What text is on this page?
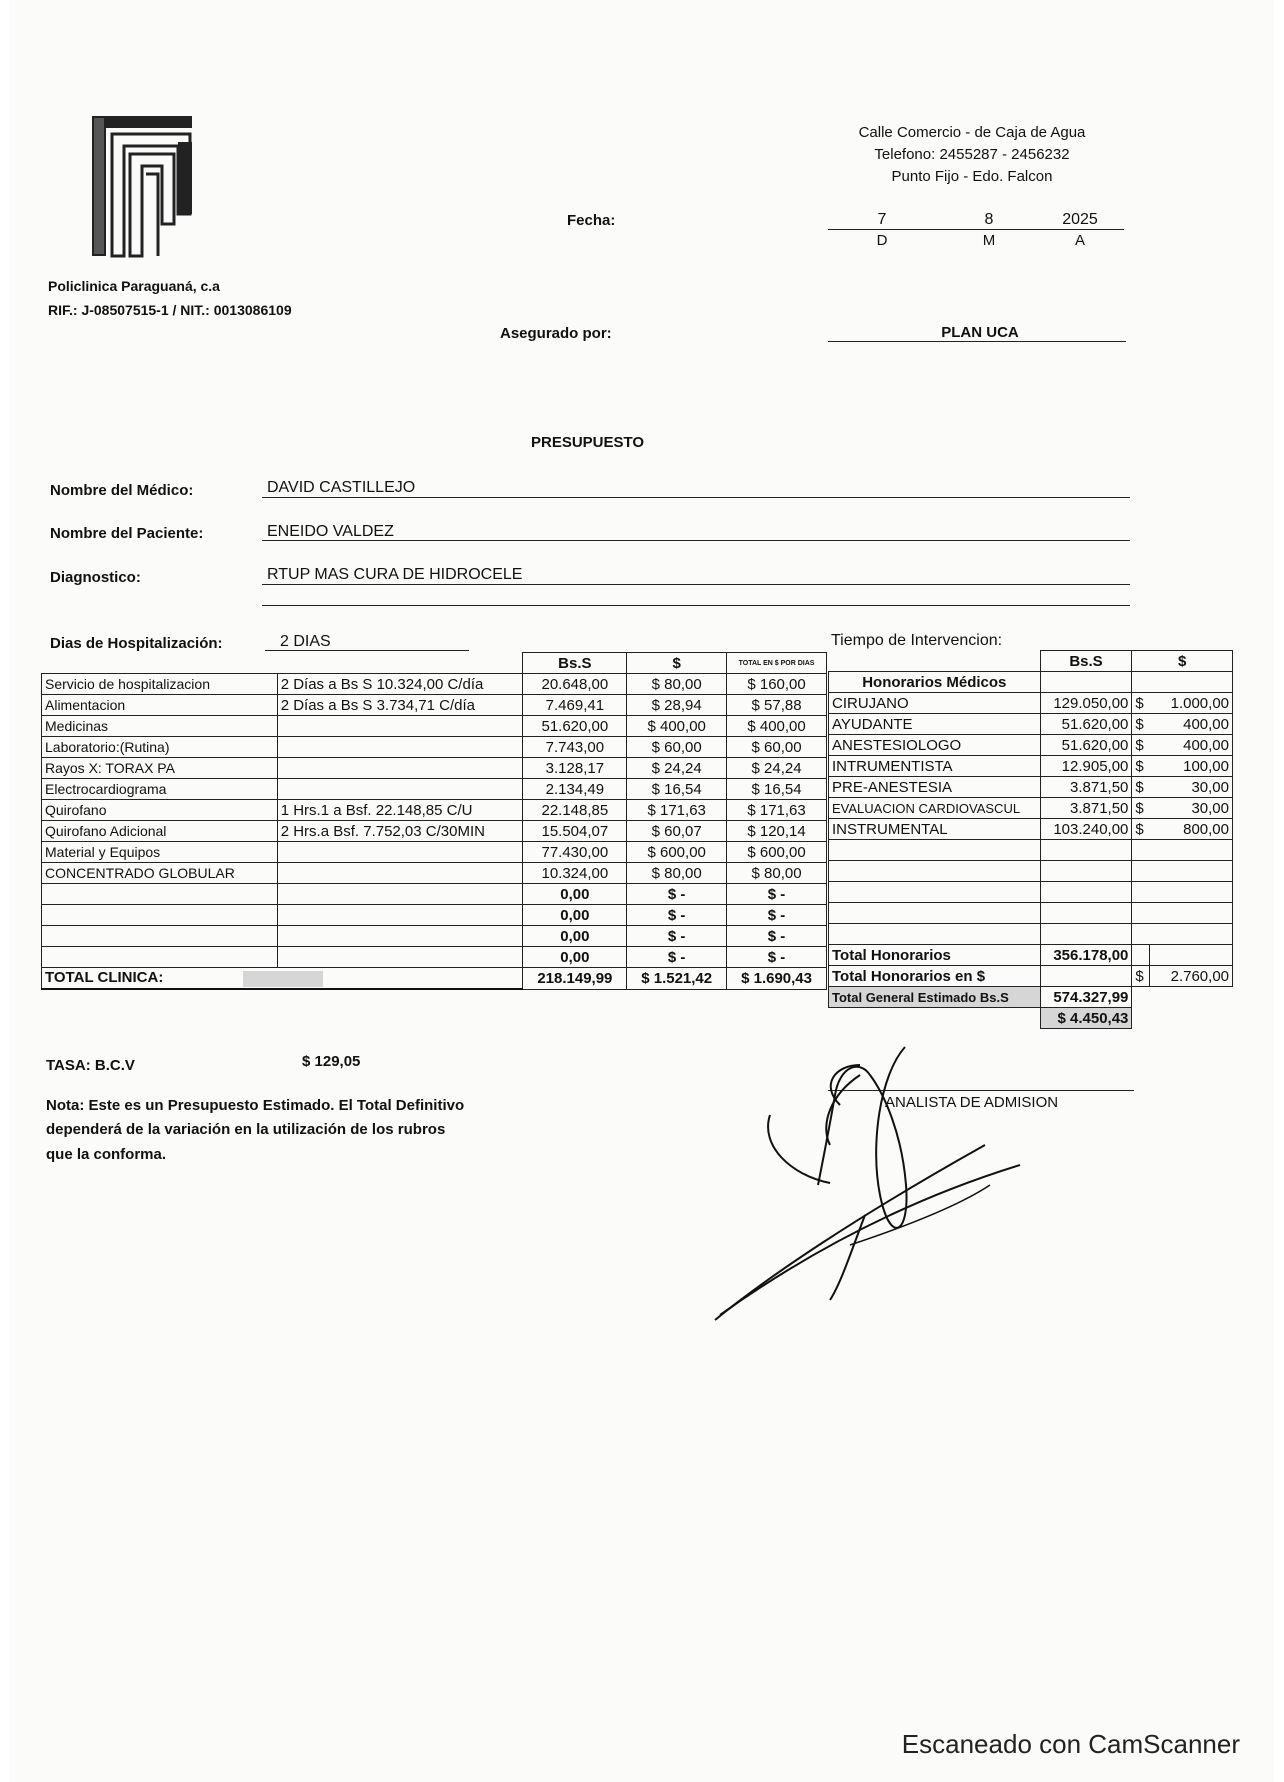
Policlinica Paraguaná, c.a
RIF.: J-08507515-1 / NIT.: 0013086109
Calle Comercio - de Caja de Agua
Telefono: 2455287 - 2456232
Punto Fijo - Edo. Falcon
Fecha:	7	8	2025
D	M	A
Asegurado por:	PLAN UCA
PRESUPUESTO
Nombre del Médico:	DAVID CASTILLEJO
Nombre del Paciente:	ENEIDO VALDEZ
Diagnostico:	RTUP MAS CURA DE HIDROCELE
Dias de Hospitalización:	2 DIAS	Tiempo de Intervencion:
		Bs.S	$	TOTAL EN $ POR DIAS
Servicio de hospitalizacion	2 Días a Bs S 10.324,00 C/día	20.648,00	$ 80,00	$ 160,00
Alimentacion	2 Días a Bs S 3.734,71 C/día	7.469,41	$ 28,94	$ 57,88
Medicinas		51.620,00	$ 400,00	$ 400,00
Laboratorio:(Rutina)		7.743,00	$ 60,00	$ 60,00
Rayos X: TORAX PA		3.128,17	$ 24,24	$ 24,24
Electrocardiograma		2.134,49	$ 16,54	$ 16,54
Quirofano	1 Hrs.1 a Bsf. 22.148,85 C/U	22.148,85	$ 171,63	$ 171,63
Quirofano Adicional	2 Hrs.a Bsf. 7.752,03 C/30MIN	15.504,07	$ 60,07	$ 120,14
Material y Equipos		77.430,00	$ 600,00	$ 600,00
CONCENTRADO GLOBULAR		10.324,00	$ 80,00	$ 80,00
		0,00	$ -	$ -
		0,00	$ -	$ -
		0,00	$ -	$ -
		0,00	$ -	$ -
TOTAL CLINICA:		218.149,99	$ 1.521,42	$ 1.690,43
	Bs.S	$	
Honorarios Médicos			
CIRUJANO	129.050,00	$	1.000,00
AYUDANTE	51.620,00	$	400,00
ANESTESIOLOGO	51.620,00	$	400,00
INTRUMENTISTA	12.905,00	$	100,00
PRE-ANESTESIA	3.871,50	$	30,00
EVALUACION CARDIOVASCUL	3.871,50	$	30,00
INSTRUMENTAL	103.240,00	$	800,00

Total Honorarios	356.178,00		
Total Honorarios en $		$	2.760,00
Total General Estimado Bs.S	574.327,99		
	$ 4.450,43		
TASA: B.C.V	$ 129,05
Nota: Este es un Presupuesto Estimado. El Total Definitivo
dependerá de la variación en la utilización de los rubros
que la conforma.
ANALISTA DE ADMISION
Escaneado con CamScanner
